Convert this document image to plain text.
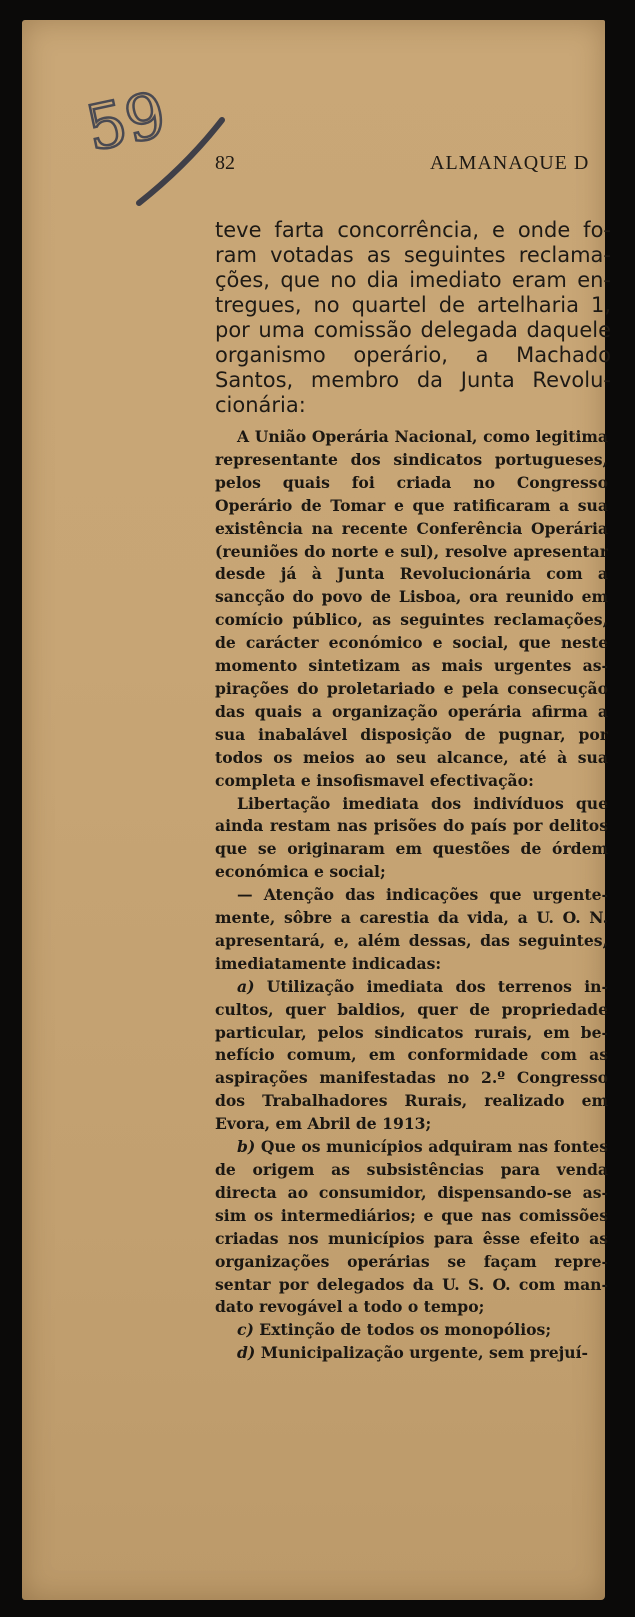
59 82	ALMANAQUE D
teve farta concorrência, e onde foram votadas as seguintes reclamações, que no dia imediato eram entregues, no quartel de artelharia 1, por uma comissão delegada daquele organismo operário, a Machado Santos, membro da Junta Revolucionária:

A União Operária Nacional, como legitima representante dos sindicatos portugueses, pelos quais foi criada no Congresso Operário de Tomar e que ratificaram a sua existência na recente Conferência Operária (reuniões do norte e sul), resolve apresentar desde já à Junta Revolucionária com a sancção do povo de Lisboa, ora reunido em comício público, as seguintes reclamações, de carácter económico e social, que neste momento sintetizam as mais urgentes aspirações do proletariado e pela consecução das quais a organização operária afirma a sua inabalável disposição de pugnar, por todos os meios ao seu alcance, até à sua completa e insofismavel efectivação:

Libertação imediata dos indivíduos que ainda restam nas prisões do país por delitos que se originaram em questões de órdem económica e social;

— Atenção das indicações que urgentemente, sôbre a carestia da vida, a U. O. N. apresentará, e, além dessas, das seguintes, imediatamente indicadas:

a) Utilização imediata dos terrenos incultos, quer baldios, quer de propriedade particular, pelos sindicatos rurais, em benefício comum, em conformidade com as aspirações manifestadas no 2.º Congresso dos Trabalhadores Rurais, realizado em Evora, em Abril de 1913;

b) Que os municípios adquiram nas fontes de origem as subsistências para venda directa ao consumidor, dispensando-se assim os intermediários; e que nas comissões criadas nos municípios para êsse efeito as organizações operárias se façam representar por delegados da U. S. O. com mandato revogável a todo o tempo;

c) Extinção de todos os monopólios;

d) Municipalização urgente, sem prejuí-
